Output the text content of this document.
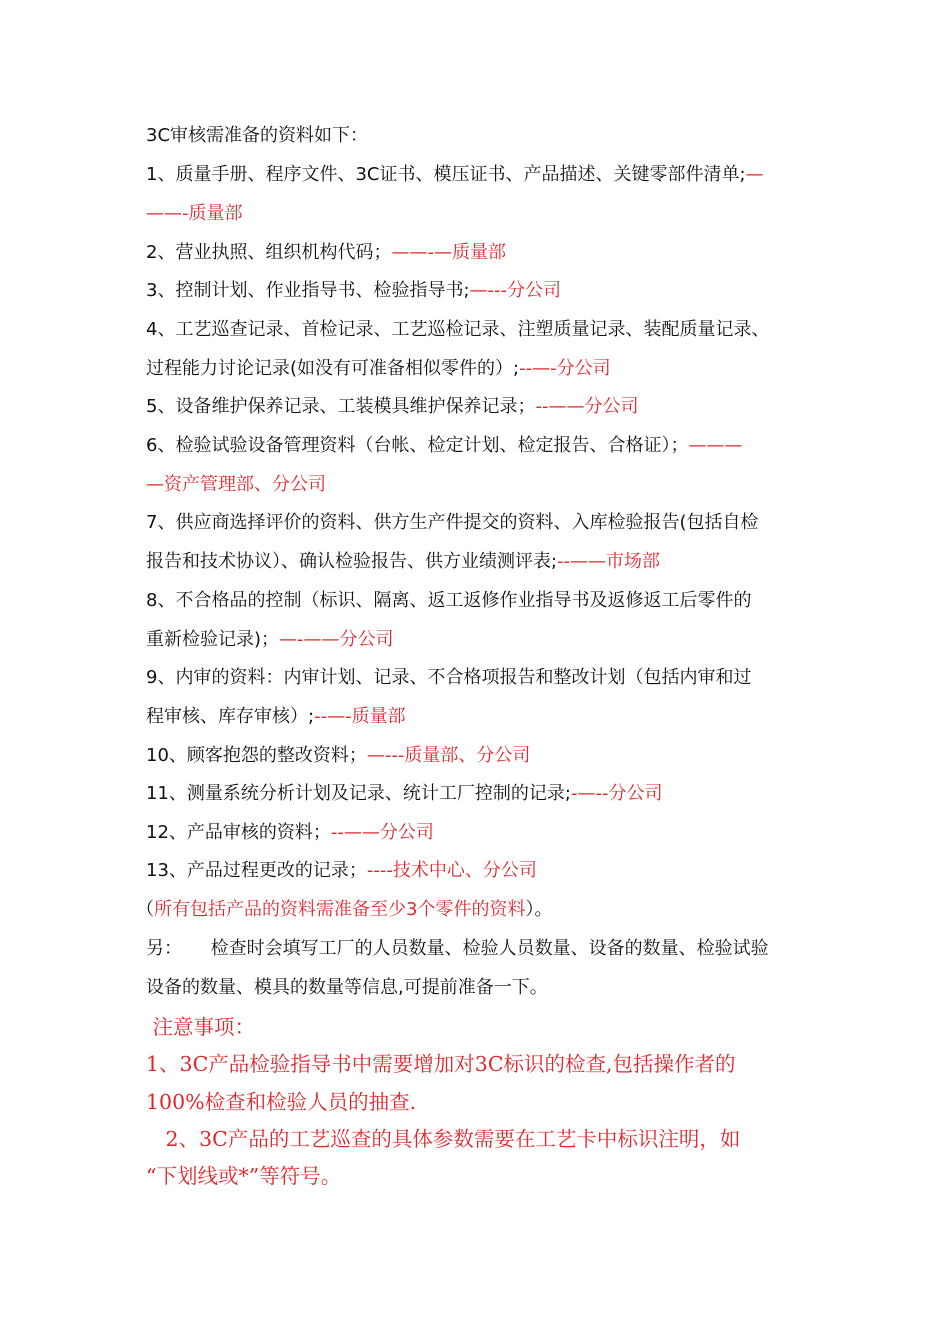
3C审核需准备的资料如下：
1、质量手册、程序文件、3C证书、模压证书、产品描述、关键零部件清单;—
——-质量部
2、营业执照、组织机构代码；——-—质量部
3、控制计划、作业指导书、检验指导书;—---分公司
4、工艺巡查记录、首检记录、工艺巡检记录、注塑质量记录、装配质量记录、
过程能力讨论记录(如没有可准备相似零件的）;--—-分公司
5、设备维护保养记录、工装模具维护保养记录；--——分公司
6、检验试验设备管理资料（台帐、检定计划、检定报告、合格证）；———
—资产管理部、分公司
7、供应商选择评价的资料、供方生产件提交的资料、入库检验报告(包括自检
报告和技术协议）、确认检验报告、供方业绩测评表;--——市场部
8、不合格品的控制（标识、隔离、返工返修作业指导书及返修返工后零件的
重新检验记录)；—-——分公司
9、内审的资料：内审计划、记录、不合格项报告和整改计划（包括内审和过
程审核、库存审核）;--—-质量部
10、顾客抱怨的整改资料；—---质量部、分公司
11、测量系统分析计划及记录、统计工厂控制的记录;-—--分公司
12、产品审核的资料；--——分公司
13、产品过程更改的记录；----技术中心、分公司
（所有包括产品的资料需准备至少3个零件的资料）。
另：     检查时会填写工厂的人员数量、检验人员数量、设备的数量、检验试验
设备的数量、模具的数量等信息,可提前准备一下。
注意事项：
1、3C产品检验指导书中需要增加对3C标识的检查,包括操作者的
100%检查和检验人员的抽查.
2、3C产品的工艺巡查的具体参数需要在工艺卡中标识注明，如
“下划线或*”等符号。
